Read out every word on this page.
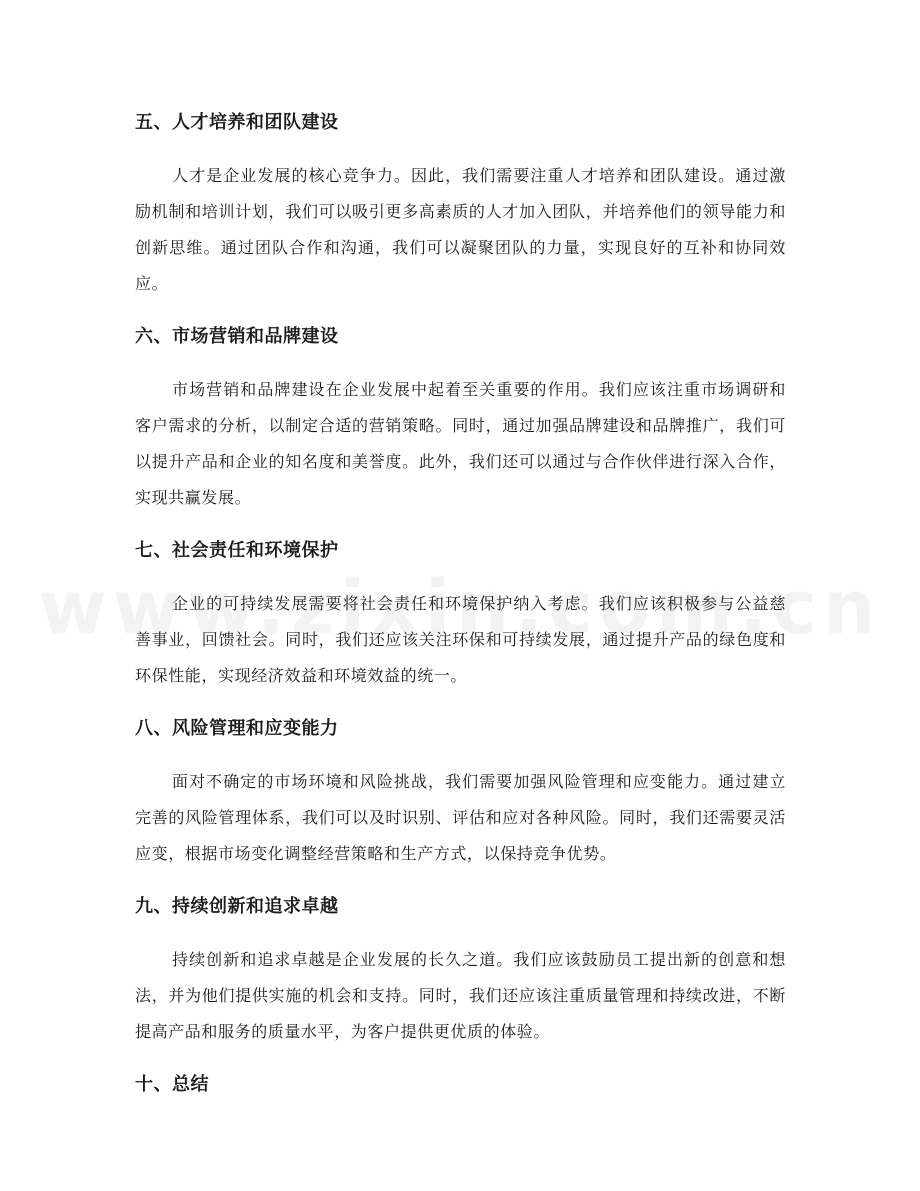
五、人才培养和团队建设

人才是企业发展的核心竞争力。因此，我们需要注重人才培养和团队建设。通过激励机制和培训计划，我们可以吸引更多高素质的人才加入团队，并培养他们的领导能力和创新思维。通过团队合作和沟通，我们可以凝聚团队的力量，实现良好的互补和协同效应。

六、市场营销和品牌建设

市场营销和品牌建设在企业发展中起着至关重要的作用。我们应该注重市场调研和客户需求的分析，以制定合适的营销策略。同时，通过加强品牌建设和品牌推广，我们可以提升产品和企业的知名度和美誉度。此外，我们还可以通过与合作伙伴进行深入合作，实现共赢发展。

七、社会责任和环境保护

企业的可持续发展需要将社会责任和环境保护纳入考虑。我们应该积极参与公益慈善事业，回馈社会。同时，我们还应该关注环保和可持续发展，通过提升产品的绿色度和环保性能，实现经济效益和环境效益的统一。

八、风险管理和应变能力

面对不确定的市场环境和风险挑战，我们需要加强风险管理和应变能力。通过建立完善的风险管理体系，我们可以及时识别、评估和应对各种风险。同时，我们还需要灵活应变，根据市场变化调整经营策略和生产方式，以保持竞争优势。

九、持续创新和追求卓越

持续创新和追求卓越是企业发展的长久之道。我们应该鼓励员工提出新的创意和想法，并为他们提供实施的机会和支持。同时，我们还应该注重质量管理和持续改进，不断提高产品和服务的质量水平，为客户提供更优质的体验。

十、总结
